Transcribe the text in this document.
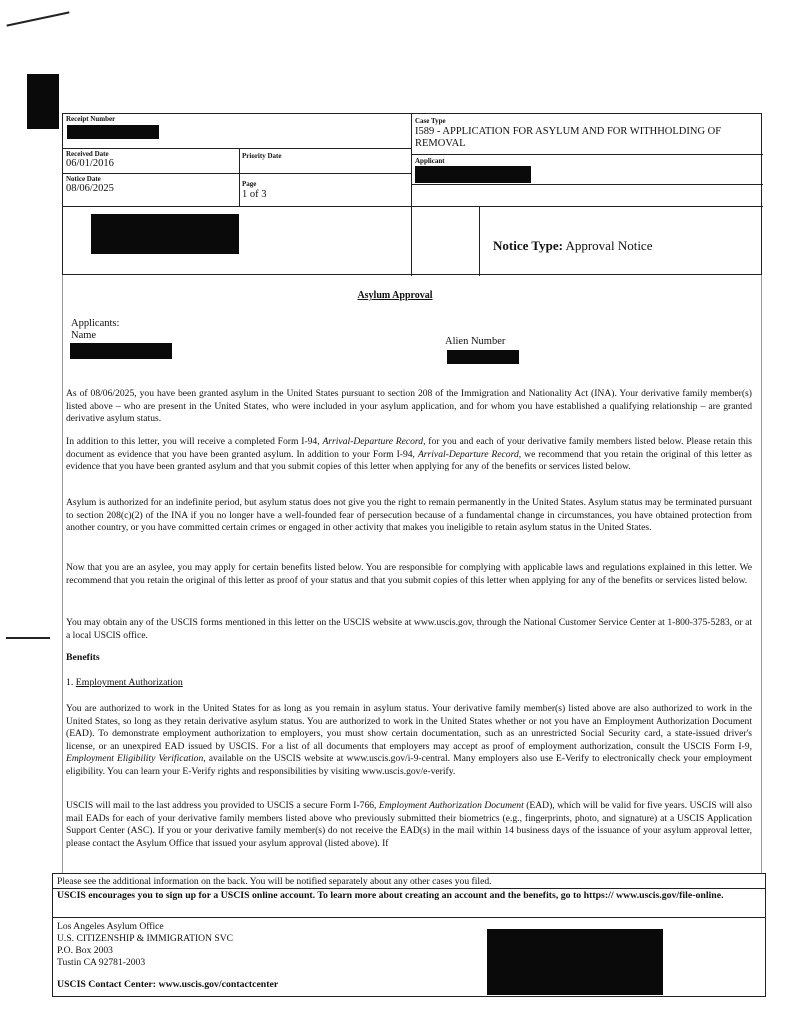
Receipt Number	Case Type
I589 - APPLICATION FOR ASYLUM AND FOR WITHHOLDING OF REMOVAL
Received Date
06/01/2016
Priority Date
Applicant
Notice Date
08/06/2025	Page
1 of 3
Notice Type: Approval Notice
Asylum Approval
Applicants:
Name
Alien Number
As of 08/06/2025, you have been granted asylum in the United States pursuant to section 208 of the Immigration and Nationality Act (INA). Your derivative family member(s) listed above – who are present in the United States, who were included in your asylum application, and for whom you have established a qualifying relationship – are granted derivative asylum status.
In addition to this letter, you will receive a completed Form I-94, Arrival-Departure Record, for you and each of your derivative family members listed below. Please retain this document as evidence that you have been granted asylum. In addition to your Form I-94, Arrival-Departure Record, we recommend that you retain the original of this letter as evidence that you have been granted asylum and that you submit copies of this letter when applying for any of the benefits or services listed below.
Asylum is authorized for an indefinite period, but asylum status does not give you the right to remain permanently in the United States. Asylum status may be terminated pursuant to section 208(c)(2) of the INA if you no longer have a well-founded fear of persecution because of a fundamental change in circumstances, you have obtained protection from another country, or you have committed certain crimes or engaged in other activity that makes you ineligible to retain asylum status in the United States.
Now that you are an asylee, you may apply for certain benefits listed below. You are responsible for complying with applicable laws and regulations explained in this letter. We recommend that you retain the original of this letter as proof of your status and that you submit copies of this letter when applying for any of the benefits or services listed below.
You may obtain any of the USCIS forms mentioned in this letter on the USCIS website at www.uscis.gov, through the National Customer Service Center at 1-800-375-5283, or at a local USCIS office.
Benefits
1. Employment Authorization
You are authorized to work in the United States for as long as you remain in asylum status. Your derivative family member(s) listed above are also authorized to work in the United States, so long as they retain derivative asylum status. You are authorized to work in the United States whether or not you have an Employment Authorization Document (EAD). To demonstrate employment authorization to employers, you must show certain documentation, such as an unrestricted Social Security card, a state-issued driver's license, or an unexpired EAD issued by USCIS. For a list of all documents that employers may accept as proof of employment authorization, consult the USCIS Form I-9, Employment Eligibility Verification, available on the USCIS website at www.uscis.gov/i-9-central. Many employers also use E-Verify to electronically check your employment eligibility. You can learn your E-Verify rights and responsibilities by visiting www.uscis.gov/e-verify.
USCIS will mail to the last address you provided to USCIS a secure Form I-766, Employment Authorization Document (EAD), which will be valid for five years. USCIS will also mail EADs for each of your derivative family members listed above who previously submitted their biometrics (e.g., fingerprints, photo, and signature) at a USCIS Application Support Center (ASC). If you or your derivative family member(s) do not receive the EAD(s) in the mail within 14 business days of the issuance of your asylum approval letter, please contact the Asylum Office that issued your asylum approval (listed above). If
Please see the additional information on the back. You will be notified separately about any other cases you filed.
USCIS encourages you to sign up for a USCIS online account. To learn more about creating an account and the benefits, go to https:// www.uscis.gov/file-online.
Los Angeles Asylum Office
U.S. CITIZENSHIP & IMMIGRATION SVC
P.O. Box 2003
Tustin CA 92781-2003
USCIS Contact Center: www.uscis.gov/contactcenter
